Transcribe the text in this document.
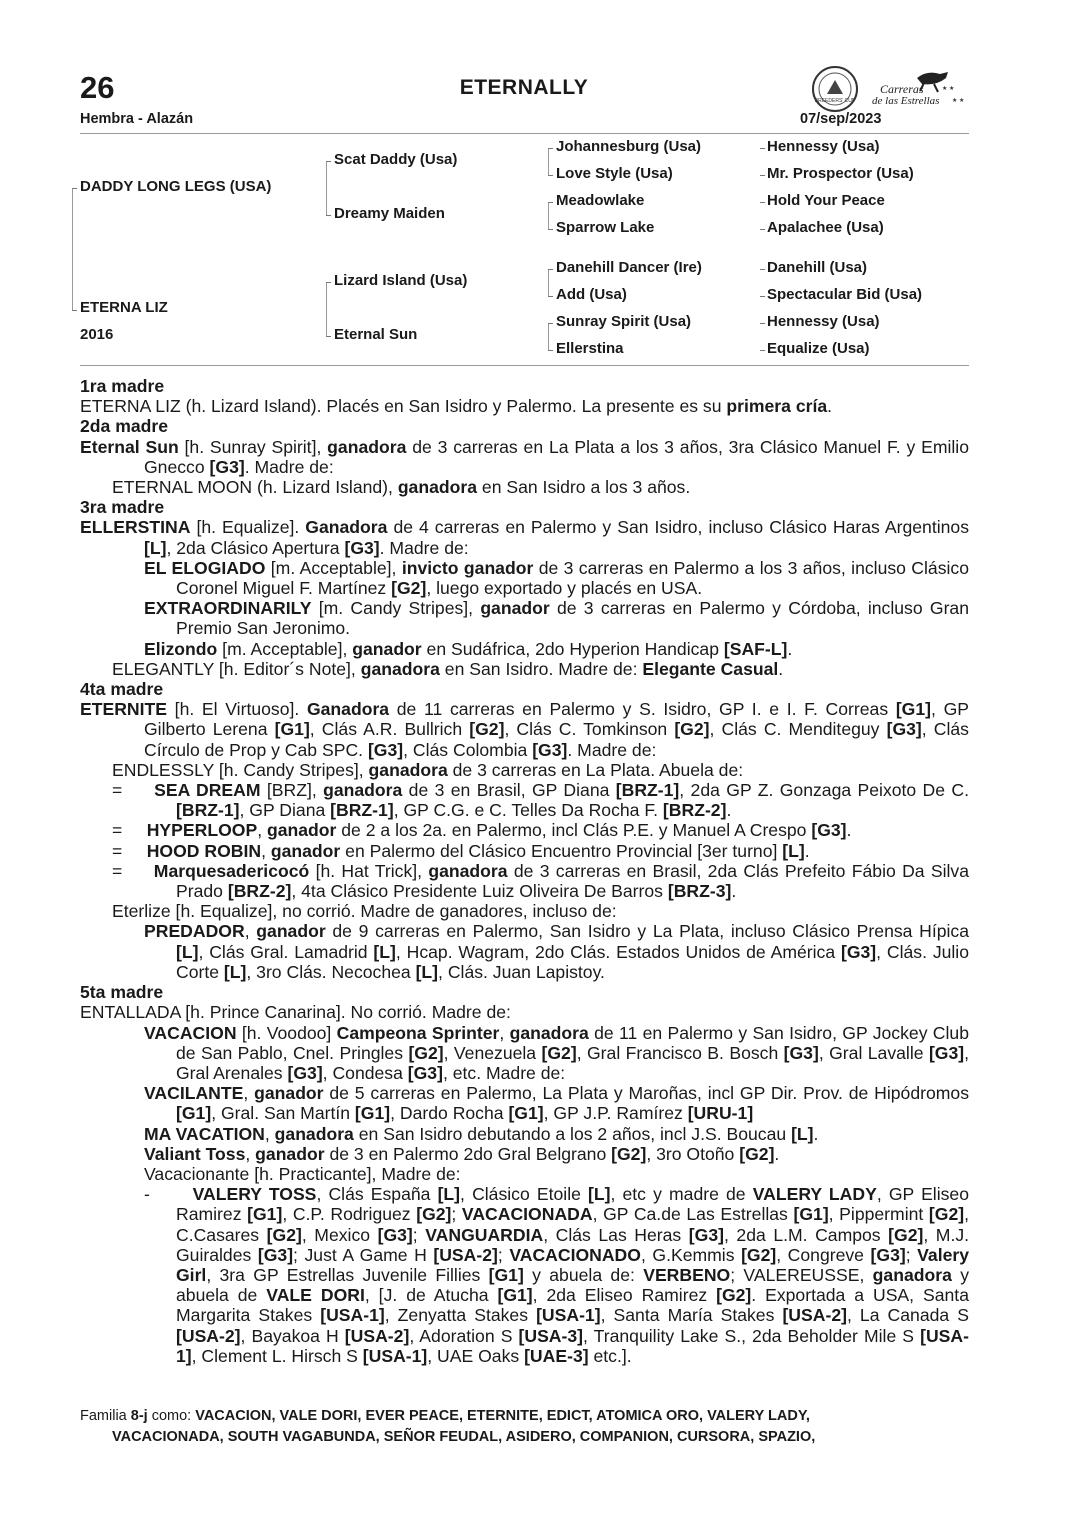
26	ETERNALLY
BREEDERS' CUP
Carreras
de las Estrellas
★ ★
★ ★
Hembra - Alazán	07/sep/2023
DADDY LONG LEGS (USA)
ETERNA LIZ
2016
Scat Daddy (Usa)
Dreamy Maiden
Lizard Island (Usa)
Eternal Sun
Johannesburg (Usa)
Love Style (Usa)
Meadowlake
Sparrow Lake
Danehill Dancer (Ire)
Add (Usa)
Sunray Spirit (Usa)
Ellerstina
Hennessy (Usa)
Mr. Prospector (Usa)
Hold Your Peace
Apalachee (Usa)
Danehill (Usa)
Spectacular Bid (Usa)
Hennessy (Usa)
Equalize (Usa)
1ra madre

ETERNA LIZ (h. Lizard Island). Placés en San Isidro y Palermo. La presente es su primera cría.

2da madre

Eternal Sun [h. Sunray Spirit], ganadora de 3 carreras en La Plata a los 3 años, 3ra Clásico Manuel F. y Emilio Gnecco [G3]. Madre de:

ETERNAL MOON (h. Lizard Island), ganadora en San Isidro a los 3 años.

3ra madre

ELLERSTINA [h. Equalize]. Ganadora de 4 carreras en Palermo y San Isidro, incluso Clásico Haras Argentinos [L], 2da Clásico Apertura [G3]. Madre de:

EL ELOGIADO [m. Acceptable], invicto ganador de 3 carreras en Palermo a los 3 años, incluso Clásico Coronel Miguel F. Martínez [G2], luego exportado y placés en USA.

EXTRAORDINARILY [m. Candy Stripes], ganador de 3 carreras en Palermo y Córdoba, incluso Gran Premio San Jeronimo.

Elizondo [m. Acceptable], ganador en Sudáfrica, 2do Hyperion Handicap [SAF-L].

ELEGANTLY [h. Editor´s Note], ganadora en San Isidro. Madre de: Elegante Casual.

4ta madre

ETERNITE [h. El Virtuoso]. Ganadora de 11 carreras en Palermo y S. Isidro, GP I. e I. F. Correas [G1], GP Gilberto Lerena [G1], Clás A.R. Bullrich [G2], Clás C. Tomkinson [G2], Clás C. Menditeguy [G3], Clás Círculo de Prop y Cab SPC. [G3], Clás Colombia [G3]. Madre de:

ENDLESSLY [h. Candy Stripes], ganadora de 3 carreras en La Plata. Abuela de:

=     SEA DREAM [BRZ], ganadora de 3 en Brasil, GP Diana [BRZ-1], 2da GP Z. Gonzaga Peixoto De C. [BRZ-1], GP Diana [BRZ-1], GP C.G. e C. Telles Da Rocha F. [BRZ-2].

=     HYPERLOOP, ganador de 2 a los 2a. en Palermo, incl Clás P.E. y Manuel A Crespo [G3].

=     HOOD ROBIN, ganador en Palermo del Clásico Encuentro Provincial [3er turno] [L].

=     Marquesadericocó [h. Hat Trick], ganadora de 3 carreras en Brasil, 2da Clás Prefeito Fábio Da Silva Prado [BRZ-2], 4ta Clásico Presidente Luiz Oliveira De Barros [BRZ-3].

Eterlize [h. Equalize], no corrió. Madre de ganadores, incluso de:

PREDADOR, ganador de 9 carreras en Palermo, San Isidro y La Plata, incluso Clásico Prensa Hípica [L], Clás Gral. Lamadrid [L], Hcap. Wagram, 2do Clás. Estados Unidos de América [G3], Clás. Julio Corte [L], 3ro Clás. Necochea [L], Clás. Juan Lapistoy.

5ta madre

ENTALLADA [h. Prince Canarina]. No corrió. Madre de:

VACACION [h. Voodoo] Campeona Sprinter, ganadora de 11 en Palermo y San Isidro, GP Jockey Club de San Pablo, Cnel. Pringles [G2], Venezuela [G2], Gral Francisco B. Bosch [G3], Gral Lavalle [G3], Gral Arenales [G3], Condesa [G3], etc. Madre de:

VACILANTE, ganador de 5 carreras en Palermo, La Plata y Maroñas, incl GP Dir. Prov. de Hipódromos [G1], Gral. San Martín [G1], Dardo Rocha [G1], GP J.P. Ramírez [URU-1]

MA VACATION, ganadora en San Isidro debutando a los 2 años, incl J.S. Boucau [L].

Valiant Toss, ganador de 3 en Palermo 2do Gral Belgrano [G2], 3ro Otoño [G2].

Vacacionante [h. Practicante], Madre de:

-      VALERY TOSS, Clás España [L], Clásico Etoile [L], etc y madre de VALERY LADY, GP Eliseo Ramirez [G1], C.P. Rodriguez [G2]; VACACIONADA, GP Ca.de Las Estrellas [G1], Pippermint [G2], C.Casares [G2], Mexico [G3]; VANGUARDIA, Clás Las Heras [G3], 2da L.M. Campos [G2], M.J. Guiraldes [G3]; Just A Game H [USA-2]; VACACIONADO, G.Kemmis [G2], Congreve [G3]; Valery Girl, 3ra GP Estrellas Juvenile Fillies [G1] y abuela de: VERBENO; VALEREUSSE, ganadora y abuela de VALE DORI, [J. de Atucha [G1], 2da Eliseo Ramirez [G2]. Exportada a USA, Santa Margarita Stakes [USA-1], Zenyatta Stakes [USA-1], Santa María Stakes [USA-2], La Canada S [USA-2], Bayakoa H [USA-2], Adoration S [USA-3], Tranquility Lake S., 2da Beholder Mile S [USA-1], Clement L. Hirsch S [USA-1], UAE Oaks [UAE-3] etc.].

Familia 8-j como: VACACION, VALE DORI, EVER PEACE, ETERNITE, EDICT, ATOMICA ORO, VALERY LADY,
VACACIONADA, SOUTH VAGABUNDA, SEÑOR FEUDAL, ASIDERO, COMPANION, CURSORA, SPAZIO,
